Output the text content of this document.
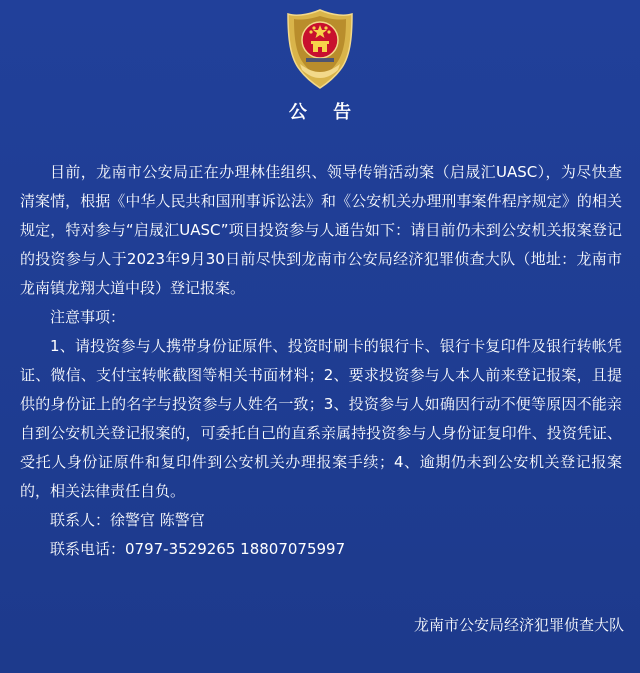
公 告

目前，龙南市公安局正在办理林佳组织、领导传销活动案（启晟汇UASC），为尽快查清案情，根据《中华人民共和国刑事诉讼法》和《公安机关办理刑事案件程序规定》的相关规定，特对参与“启晟汇UASC”项目投资参与人通告如下：请目前仍未到公安机关报案登记的投资参与人于2023年9月30日前尽快到龙南市公安局经济犯罪侦查大队（地址：龙南市龙南镇龙翔大道中段）登记报案。

注意事项：

1、请投资参与人携带身份证原件、投资时刷卡的银行卡、银行卡复印件及银行转帐凭证、微信、支付宝转帐截图等相关书面材料；2、要求投资参与人本人前来登记报案，且提供的身份证上的名字与投资参与人姓名一致；3、投资参与人如确因行动不便等原因不能亲自到公安机关登记报案的，可委托自己的直系亲属持投资参与人身份证复印件、投资凭证、受托人身份证原件和复印件到公安机关办理报案手续；4、逾期仍未到公安机关登记报案的，相关法律责任自负。

联系人：徐警官 陈警官

联系电话：0797-3529265 18807075997

龙南市公安局经济犯罪侦查大队
